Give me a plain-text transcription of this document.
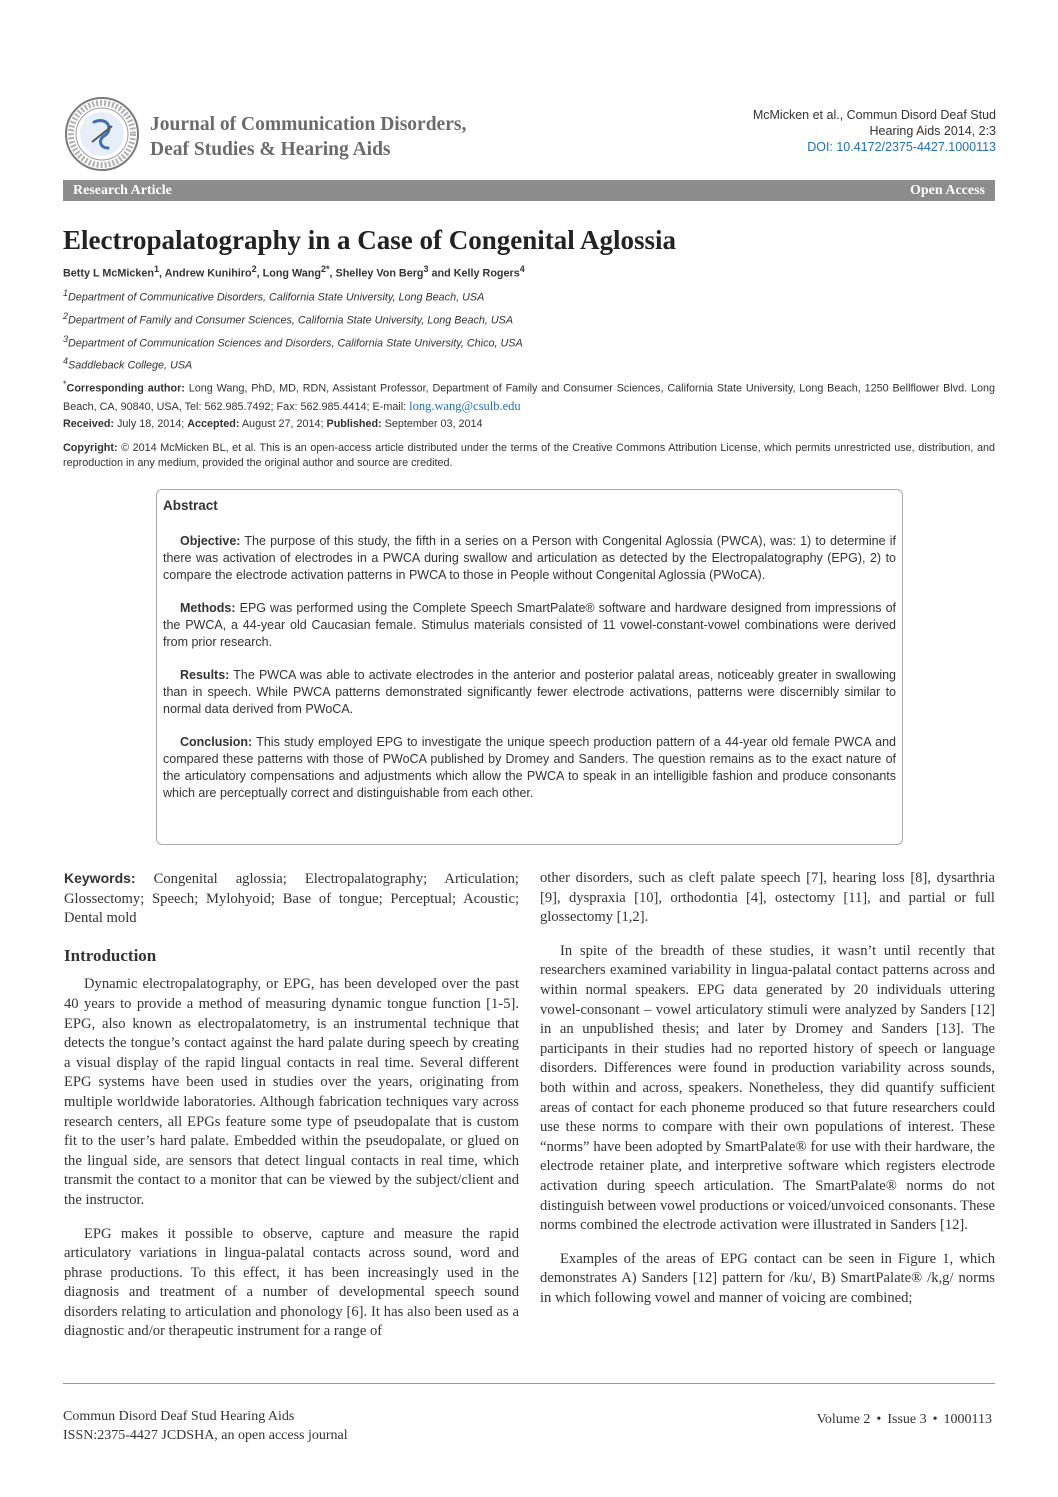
Journal of Communication Disorders,
Deaf Studies & Hearing Aids
McMicken et al., Commun Disord Deaf Stud
Hearing Aids 2014, 2:3
DOI: 10.4172/2375-4427.1000113
Research Article	Open Access
Electropalatography in a Case of Congenital Aglossia
Betty L McMicken$^1$, Andrew Kunihiro$^2$, Long Wang$^{2*}$, Shelley Von Berg$^3$ and Kelly Rogers$^4$
$^1$Department of Communicative Disorders, California State University, Long Beach, USA
$^2$Department of Family and Consumer Sciences, California State University, Long Beach, USA
$^3$Department of Communication Sciences and Disorders, California State University, Chico, USA
$^4$Saddleback College, USA
*Corresponding author: Long Wang, PhD, MD, RDN, Assistant Professor, Department of Family and Consumer Sciences, California State University, Long Beach, 1250 Bellflower Blvd. Long Beach, CA, 90840, USA, Tel: 562.985.7492; Fax: 562.985.4414; E-mail: long.wang@csulb.edu
Received: July 18, 2014; Accepted: August 27, 2014; Published: September 03, 2014
Copyright: © 2014 McMicken BL, et al. This is an open-access article distributed under the terms of the Creative Commons Attribution License, which permits unrestricted use, distribution, and reproduction in any medium, provided the original author and source are credited.
Abstract

Objective: The purpose of this study, the fifth in a series on a Person with Congenital Aglossia (PWCA), was: 1) to determine if there was activation of electrodes in a PWCA during swallow and articulation as detected by the Electropalatography (EPG), 2) to compare the electrode activation patterns in PWCA to those in People without Congenital Aglossia (PWoCA).

Methods: EPG was performed using the Complete Speech SmartPalate® software and hardware designed from impressions of the PWCA, a 44-year old Caucasian female. Stimulus materials consisted of 11 vowel-constant-vowel combinations were derived from prior research.

Results: The PWCA was able to activate electrodes in the anterior and posterior palatal areas, noticeably greater in swallowing than in speech. While PWCA patterns demonstrated significantly fewer electrode activations, patterns were discernibly similar to normal data derived from PWoCA.

Conclusion: This study employed EPG to investigate the unique speech production pattern of a 44-year old female PWCA and compared these patterns with those of PWoCA published by Dromey and Sanders. The question remains as to the exact nature of the articulatory compensations and adjustments which allow the PWCA to speak in an intelligible fashion and produce consonants which are perceptually correct and distinguishable from each other.

Keywords: Congenital aglossia; Electropalatography; Articulation; Glossectomy; Speech; Mylohyoid; Base of tongue; Perceptual; Acoustic; Dental mold

Introduction

Dynamic electropalatography, or EPG, has been developed over the past 40 years to provide a method of measuring dynamic tongue function [1-5]. EPG, also known as electropalatometry, is an instrumental technique that detects the tongue’s contact against the hard palate during speech by creating a visual display of the rapid lingual contacts in real time. Several different EPG systems have been used in studies over the years, originating from multiple worldwide laboratories. Although fabrication techniques vary across research centers, all EPGs feature some type of pseudopalate that is custom fit to the user’s hard palate. Embedded within the pseudopalate, or glued on the lingual side, are sensors that detect lingual contacts in real time, which transmit the contact to a monitor that can be viewed by the subject/client and the instructor.

EPG makes it possible to observe, capture and measure the rapid articulatory variations in lingua-palatal contacts across sound, word and phrase productions. To this effect, it has been increasingly used in the diagnosis and treatment of a number of developmental speech sound disorders relating to articulation and phonology [6]. It has also been used as a diagnostic and/or therapeutic instrument for a range of

other disorders, such as cleft palate speech [7], hearing loss [8], dysarthria [9], dyspraxia [10], orthodontia [4], ostectomy [11], and partial or full glossectomy [1,2].

In spite of the breadth of these studies, it wasn’t until recently that researchers examined variability in lingua-palatal contact patterns across and within normal speakers. EPG data generated by 20 individuals uttering vowel-consonant – vowel articulatory stimuli were analyzed by Sanders [12] in an unpublished thesis; and later by Dromey and Sanders [13]. The participants in their studies had no reported history of speech or language disorders. Differences were found in production variability across sounds, both within and across, speakers. Nonetheless, they did quantify sufficient areas of contact for each phoneme produced so that future researchers could use these norms to compare with their own populations of interest. These “norms” have been adopted by SmartPalate® for use with their hardware, the electrode retainer plate, and interpretive software which registers electrode activation during speech articulation. The SmartPalate® norms do not distinguish between vowel productions or voiced/unvoiced consonants. These norms combined the electrode activation were illustrated in Sanders [12].

Examples of the areas of EPG contact can be seen in Figure 1, which demonstrates A) Sanders [12] pattern for /ku/, B) SmartPalate® /k,g/ norms in which following vowel and manner of voicing are combined;

Commun Disord Deaf Stud Hearing Aids
ISSN:2375-4427 JCDSHA, an open access journal
Volume 2 • Issue 3 • 1000113
